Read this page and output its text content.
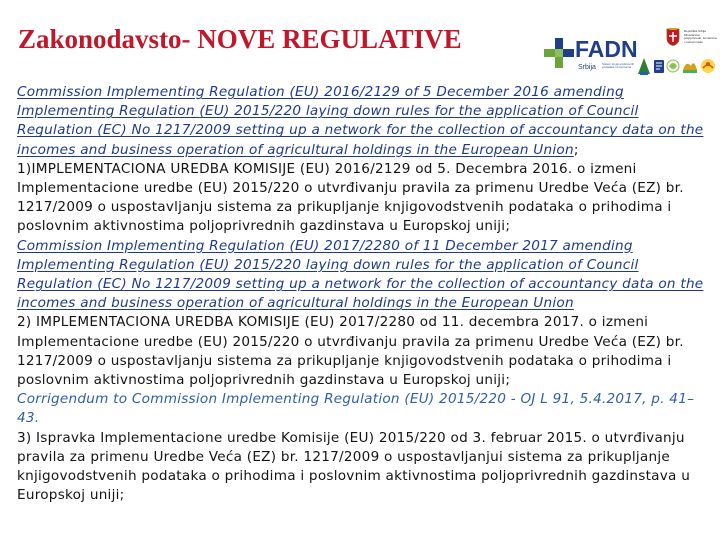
Zakonodavsto- NOVE REGULATIVE	FADN
Srbija Sistem knjigovodstvenih podataka na farmama
Republika Srbija Ministarstvo poljoprivrede, šumarstva i vodoprivrede
Commission Implementing Regulation (EU) 2016/2129 of 5 December 2016 amending Implementing Regulation (EU) 2015/220 laying down rules for the application of Council Regulation (EC) No 1217/2009 setting up a network for the collection of accountancy data on the incomes and business operation of agricultural holdings in the European Union;
1)IMPLEMENTACIONA UREDBA KOMISIJE (EU) 2016/2129 od 5. Decembra 2016. o izmeni Implementacione uredbe (EU) 2015/220 o utvrđivanju pravila za primenu Uredbe Veća (EZ) br. 1217/2009 o uspostavljanju sistema za prikupljanje knjigovodstvenih podataka o prihodima i poslovnim aktivnostima poljoprivrednih gazdinstava u Europskoj uniji;
Commission Implementing Regulation (EU) 2017/2280 of 11 December 2017 amending Implementing Regulation (EU) 2015/220 laying down rules for the application of Council Regulation (EC) No 1217/2009 setting up a network for the collection of accountancy data on the incomes and business operation of agricultural holdings in the European Union
2) IMPLEMENTACIONA UREDBA KOMISIJE (EU) 2017/2280 od 11. decembra 2017. o izmeni Implementacione uredbe (EU) 2015/220 o utvrđivanju pravila za primenu Uredbe Veća (EZ) br. 1217/2009 o uspostavljanju sistema za prikupljanje knjigovodstvenih podataka o prihodima i poslovnim aktivnostima poljoprivrednih gazdinstava u Europskoj uniji;
Corrigendum to Commission Implementing Regulation (EU) 2015/220 - OJ L 91, 5.4.2017, p. 41–43.
3) Ispravka Implementacione uredbe Komisije (EU) 2015/220 od 3. februar 2015. o utvrđivanju pravila za primenu Uredbe Veća (EZ) br. 1217/2009 o uspostavljanjui sistema za prikupljanje knjigovodstvenih podataka o prihodima i poslovnim aktivnostima poljoprivrednih gazdinstava u Europskoj uniji;
